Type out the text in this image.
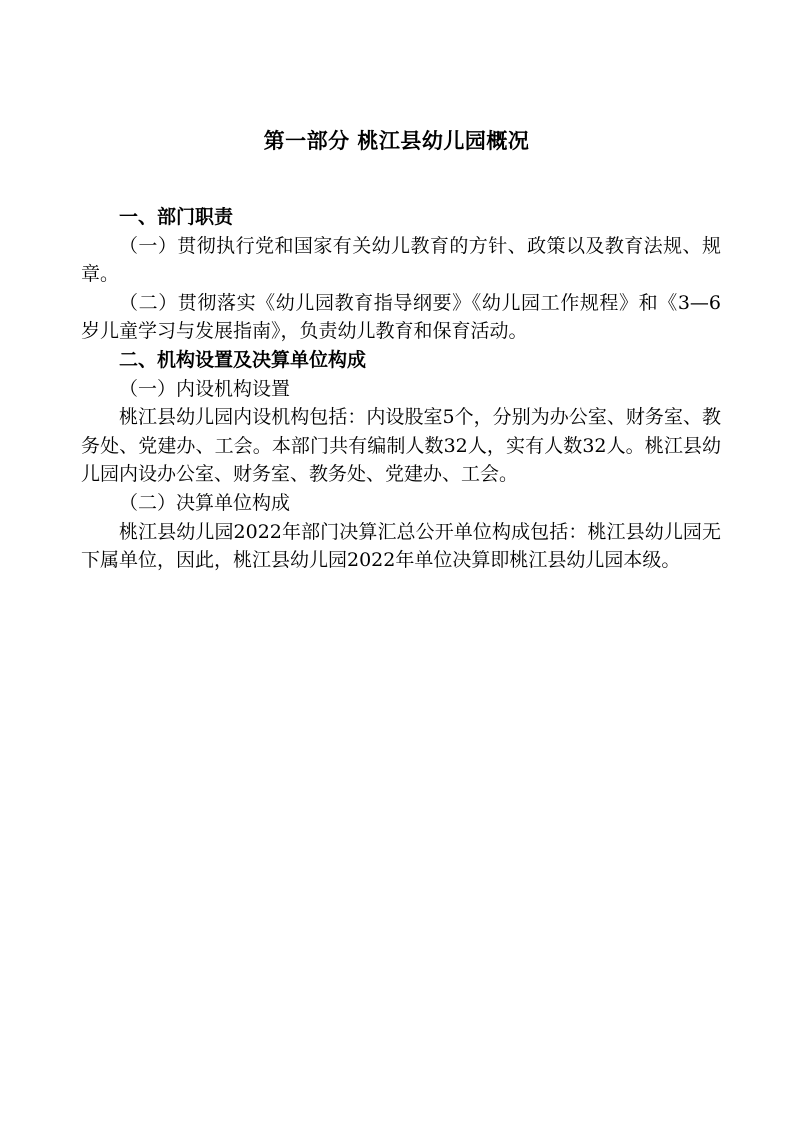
第一部分 桃江县幼儿园概况

一、部门职责

（一）贯彻执行党和国家有关幼儿教育的方针、政策以及教育法规、规章。

（二）贯彻落实《幼儿园教育指导纲要》《幼儿园工作规程》和《3—6岁儿童学习与发展指南》，负责幼儿教育和保育活动。

二、机构设置及决算单位构成

（一）内设机构设置

桃江县幼儿园内设机构包括：内设股室5个，分别为办公室、财务室、教务处、党建办、工会。本部门共有编制人数32人，实有人数32人。桃江县幼儿园内设办公室、财务室、教务处、党建办、工会。

（二）决算单位构成

桃江县幼儿园2022年部门决算汇总公开单位构成包括：桃江县幼儿园无下属单位，因此，桃江县幼儿园2022年单位决算即桃江县幼儿园本级。
